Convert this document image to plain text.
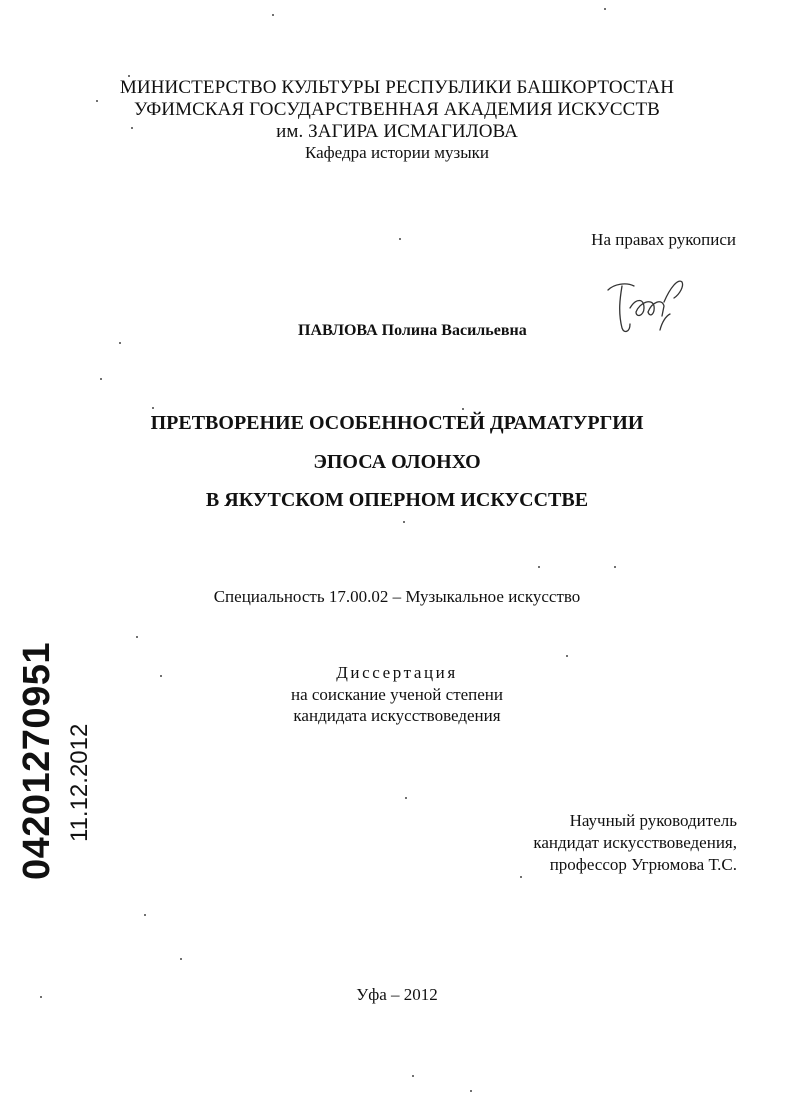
МИНИСТЕРСТВО КУЛЬТУРЫ РЕСПУБЛИКИ БАШКОРТОСТАН
УФИМСКАЯ ГОСУДАРСТВЕННАЯ АКАДЕМИЯ ИСКУССТВ
им. ЗАГИРА ИСМАГИЛОВА
Кафедра истории музыки
На правах рукописи
ПАВЛОВА Полина Васильевна
ПРЕТВОРЕНИЕ ОСОБЕННОСТЕЙ ДРАМАТУРГИИ
ЭПОСА ОЛОНХО
В ЯКУТСКОМ ОПЕРНОМ ИСКУССТВЕ
Специальность 17.00.02 – Музыкальное искусство
Диссертация
на соискание ученой степени
кандидата искусствоведения
Научный руководитель
кандидат искусствоведения,
профессор Угрюмова Т.С.
Уфа – 2012
04201270951 11.12.2012
